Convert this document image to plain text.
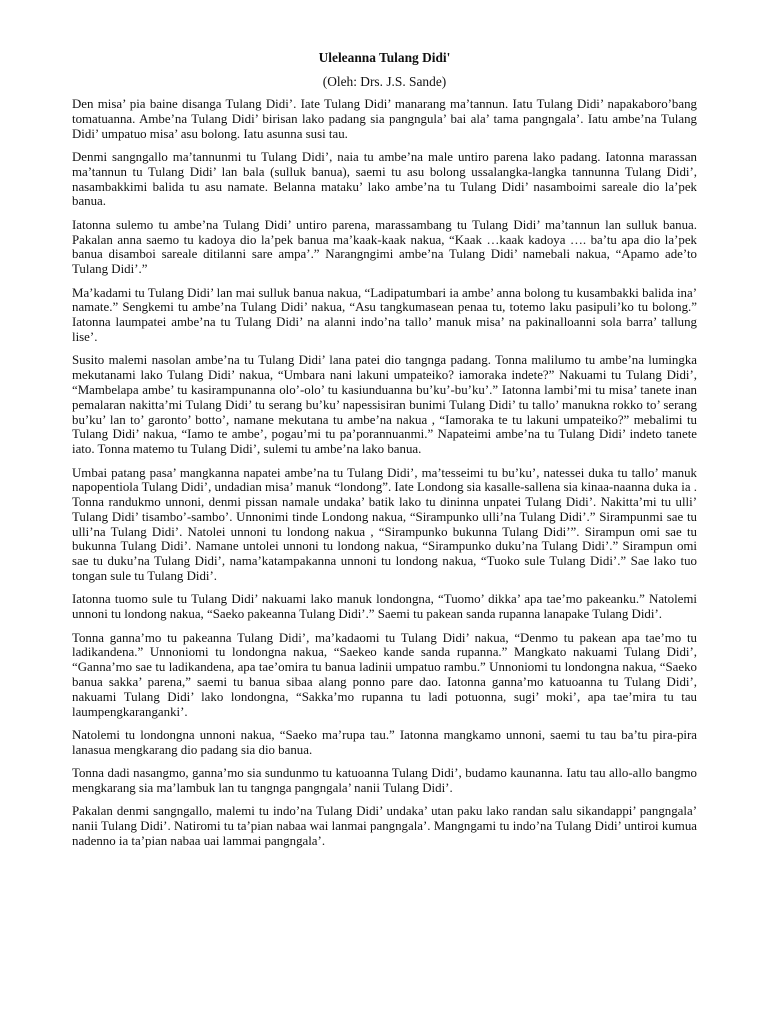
Uleleanna Tulang Didi'
(Oleh: Drs. J.S. Sande)

Den misa’ pia baine disanga Tulang Didi’. Iate Tulang Didi’ manarang ma’tannun. Iatu Tulang Didi’ napakaboro’bang tomatuanna. Ambe’na Tulang Didi’ birisan lako padang sia pangngula’ bai ala’ tama pangngala’. Iatu ambe’na Tulang Didi’ umpatuo misa’ asu bolong. Iatu asunna susi tau.

Denmi sangngallo ma’tannunmi tu Tulang Didi’, naia tu ambe’na male untiro parena lako padang. Iatonna marassan ma’tannun tu Tulang Didi’ lan bala (sulluk banua), saemi tu asu bolong ussalangka-langka tannunna Tulang Didi’, nasambakkimi balida tu asu namate. Belanna mataku’ lako ambe’na tu Tulang Didi’ nasamboimi sareale dio la’pek banua.

Iatonna sulemo tu ambe’na Tulang Didi’ untiro parena, marassambang tu Tulang Didi’ ma’tannun lan sulluk banua. Pakalan anna saemo tu kadoya dio la’pek banua ma’kaak-kaak nakua, “Kaak …kaak kadoya …. ba’tu apa dio la’pek banua disamboi sareale ditilanni sare ampa’.” Narangngimi ambe’na Tulang Didi’ namebali nakua, “Apamo ade’to Tulang Didi’.”

Ma’kadami tu Tulang Didi’ lan mai sulluk banua nakua, “Ladipatumbari ia ambe’ anna bolong tu kusambakki balida ina’ namate.” Sengkemi tu ambe’na Tulang Didi’ nakua, “Asu tangkumasean penaa tu, totemo laku pasipuli’ko tu bolong.” Iatonna laumpatei ambe’na tu Tulang Didi’ na alanni indo’na tallo’ manuk misa’ na pakinalloanni sola barra’ tallung lise’.

Susito malemi nasolan ambe’na tu Tulang Didi’ lana patei dio tangnga padang. Tonna malilumo tu ambe’na lumingka mekutanami lako Tulang Didi’ nakua, “Umbara nani lakuni umpateiko? iamoraka indete?” Nakuami tu Tulang Didi’, “Mambelapa ambe’ tu kasirampunanna olo’-olo’ tu kasiunduanna bu’ku’-bu’ku’.” Iatonna lambi’mi tu misa’ tanete inan pemalaran nakitta’mi Tulang Didi’ tu serang bu’ku’ napessisiran bunimi Tulang Didi’ tu tallo’ manukna rokko to’ serang bu’ku’ lan to’ garonto’ botto’, namane mekutana tu ambe’na nakua , “Iamoraka te tu lakuni umpateiko?” mebalimi tu Tulang Didi’ nakua, “Iamo te ambe’, pogau’mi tu pa’porannuanmi.” Napateimi ambe’na tu Tulang Didi’ indeto tanete iato. Tonna matemo tu Tulang Didi’, sulemi tu ambe’na lako banua.

Umbai patang pasa’ mangkanna napatei ambe’na tu Tulang Didi’, ma’tesseimi tu bu’ku’, natessei duka tu tallo’ manuk napopentiola Tulang Didi’, undadian misa’ manuk “londong”. Iate Londong sia kasalle-sallena sia kinaa-naanna duka ia . Tonna randukmo unnoni, denmi pissan namale undaka’ batik lako tu dininna unpatei Tulang Didi’. Nakitta’mi tu ulli’ Tulang Didi’ tisambo’-sambo’. Unnonimi tinde Londong nakua, “Sirampunko ulli’na Tulang Didi’.” Sirampunmi sae tu ulli’na Tulang Didi’. Natolei unnoni tu londong nakua , “Sirampunko bukunna Tulang Didi’”. Sirampun omi sae tu bukunna Tulang Didi’. Namane untolei unnoni tu londong nakua, “Sirampunko duku’na Tulang Didi’.” Sirampun omi sae tu duku’na Tulang Didi’, nama’katampakanna unnoni tu londong nakua, “Tuoko sule Tulang Didi’.” Sae lako tuo tongan sule tu Tulang Didi’.

Iatonna tuomo sule tu Tulang Didi’ nakuami lako manuk londongna, “Tuomo’ dikka’ apa tae’mo pakeanku.” Natolemi unnoni tu londong nakua, “Saeko pakeanna Tulang Didi’.” Saemi tu pakean sanda rupanna lanapake Tulang Didi’.

Tonna ganna’mo tu pakeanna Tulang Didi’, ma’kadaomi tu Tulang Didi’ nakua, “Denmo tu pakean apa tae’mo tu ladikandena.” Unnoniomi tu londongna nakua, “Saekeo kande sanda rupanna.” Mangkato nakuami Tulang Didi’, “Ganna’mo sae tu ladikandena, apa tae’omira tu banua ladinii umpatuo rambu.” Unnoniomi tu londongna nakua, “Saeko banua sakka’ parena,” saemi tu banua sibaa alang ponno pare dao. Iatonna ganna’mo katuoanna tu Tulang Didi’, nakuami Tulang Didi’ lako londongna, “Sakka’mo rupanna tu ladi potuonna, sugi’ moki’, apa tae’mira tu tau laumpengkaranganki’.

Natolemi tu londongna unnoni nakua, “Saeko ma’rupa tau.” Iatonna mangkamo unnoni, saemi tu tau ba’tu pira-pira lanasua mengkarang dio padang sia dio banua.

Tonna dadi nasangmo, ganna’mo sia sundunmo tu katuoanna Tulang Didi’, budamo kaunanna. Iatu tau allo-allo bangmo mengkarang sia ma’lambuk lan tu tangnga pangngala’ nanii Tulang Didi’.

Pakalan denmi sangngallo, malemi tu indo’na Tulang Didi’ undaka’ utan paku lako randan salu sikandappi’ pangngala’ nanii Tulang Didi’. Natiromi tu ta’pian nabaa wai lanmai pangngala’. Mangngami tu indo’na Tulang Didi’ untiroi kumua nadenno ia ta’pian nabaa uai lammai pangngala’.
